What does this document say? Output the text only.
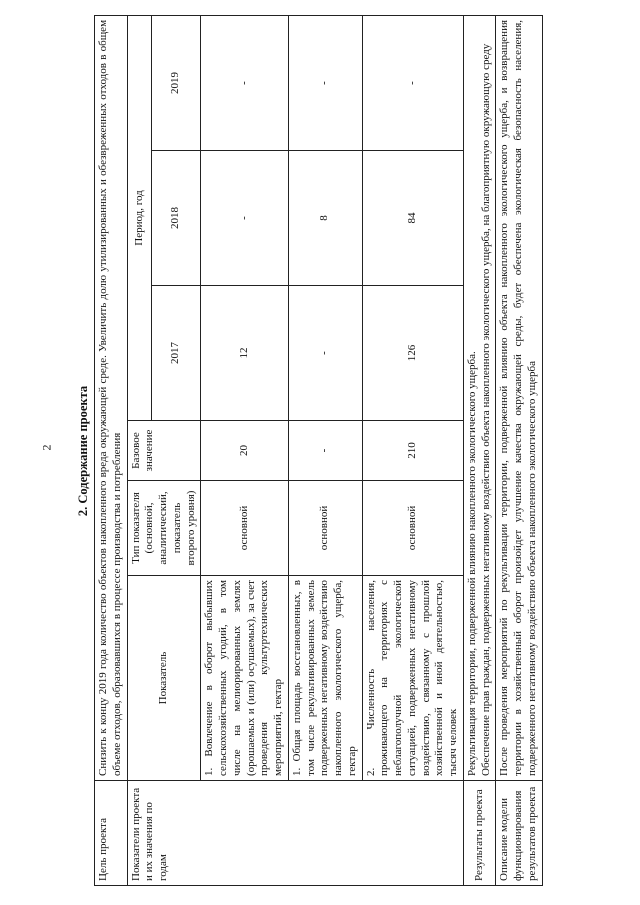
2	2. Содержание проекта
Цель проекта	Снизить к концу 2019 года количество объектов накопленного вреда окружающей среде. Увеличить долю утилизированных и обезвреженных отходов в общем объеме отходов, образовавшихся в процессе производства и потребления					
Показатели проекта и их значения по годам	Показатель	Тип показателя (основной, аналитический, показатель второго уровня)	Базовое значение	Период, год		
				2017	2018	2019
	1. Вовлечение в оборот выбывших сельскохозяйственных угодий, в том числе на мелиорированных землях (орошаемых и (или) осушаемых), за счет проведения культуртехнических мероприятий, гектар	основной	20	12	-	-
	1. Общая площадь восстановленных, в том числе рекультивированных земель подверженных негативному воздействию накопленного экологического ущерба, гектар	основной	-	-	8	-
	2. Численность населения, проживающего на территориях с неблагополучной экологической ситуацией, подверженных негативному воздействию, связанному с прошлой хозяйственной и иной деятельностью, тысяч человек	основной	210	126	84	-
Результаты проекта	Рекультивация территории, подверженной влиянию накопленного экологического ущерба. Обеспечение прав граждан, подверженных негативному воздействию объекта накопленного экологического ущерба, на благоприятную окружающую среду					

Описание модели функционирования результатов проекта	После проведения мероприятий по рекультивации территории, подверженной влиянию объекта накопленного экологического ущерба, и возвращения территории в хозяйственный оборот произойдет улучшение качества окружающей среды, будет обеспечена экологическая безопасность населения, подверженного негативному воздействию объекта накопленного экологического ущерба					
